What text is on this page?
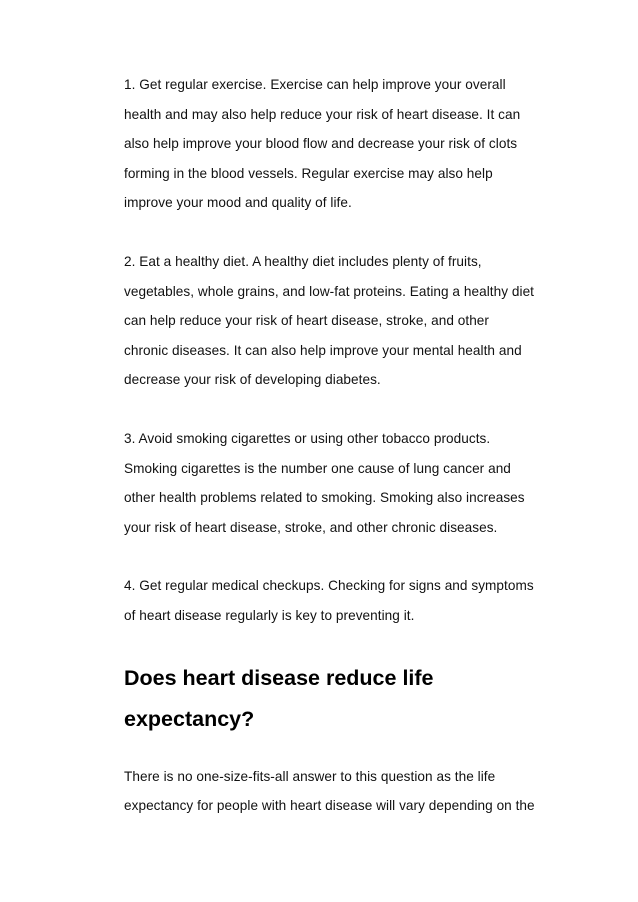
1. Get regular exercise. Exercise can help improve your overall
health and may also help reduce your risk of heart disease. It can
also help improve your blood flow and decrease your risk of clots
forming in the blood vessels. Regular exercise may also help
improve your mood and quality of life.

2. Eat a healthy diet. A healthy diet includes plenty of fruits,
vegetables, whole grains, and low-fat proteins. Eating a healthy diet
can help reduce your risk of heart disease, stroke, and other
chronic diseases. It can also help improve your mental health and
decrease your risk of developing diabetes.

3. Avoid smoking cigarettes or using other tobacco products.
Smoking cigarettes is the number one cause of lung cancer and
other health problems related to smoking. Smoking also increases
your risk of heart disease, stroke, and other chronic diseases.

4. Get regular medical checkups. Checking for signs and symptoms
of heart disease regularly is key to preventing it.

Does heart disease reduce life
expectancy?

There is no one-size-fits-all answer to this question as the life
expectancy for people with heart disease will vary depending on the
